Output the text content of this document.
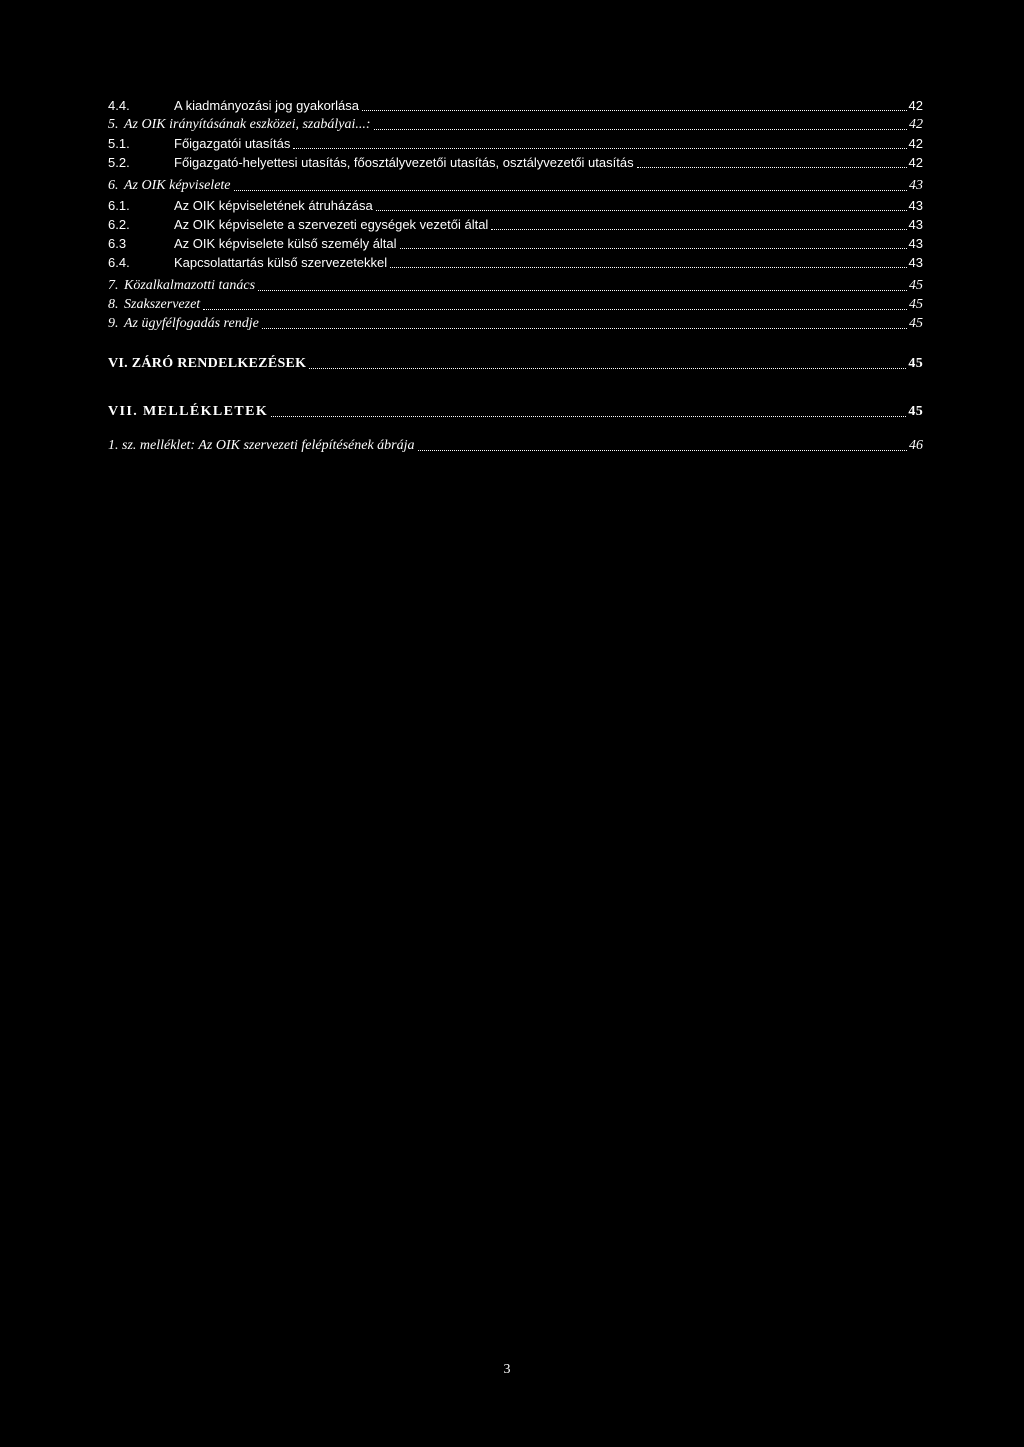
4.4.	A kiadmányozási jog gyakorlása	42
5. Az OIK irányításának eszközei, szabályai...:	42
5.1.	Főigazgatói utasítás	42
5.2.	Főigazgató-helyettesi utasítás, főosztályvezetői utasítás, osztályvezetői utasítás	42
6. Az OIK képviselete	43
6.1.	Az OIK képviseletének átruházása	43
6.2.	Az OIK képviselete a szervezeti egységek vezetői által	43
6.3	Az OIK képviselete külső személy által	43
6.4.	Kapcsolattartás külső szervezetekkel	43
7. Közalkalmazotti tanács	45
8. Szakszervezet	45
9. Az ügyfélfogadás rendje	45
VI. ZÁRÓ RENDELKEZÉSEK	45
VII. MELLÉKLETEK	45
1. sz. melléklet: Az OIK szervezeti felépítésének ábrája	46
3
